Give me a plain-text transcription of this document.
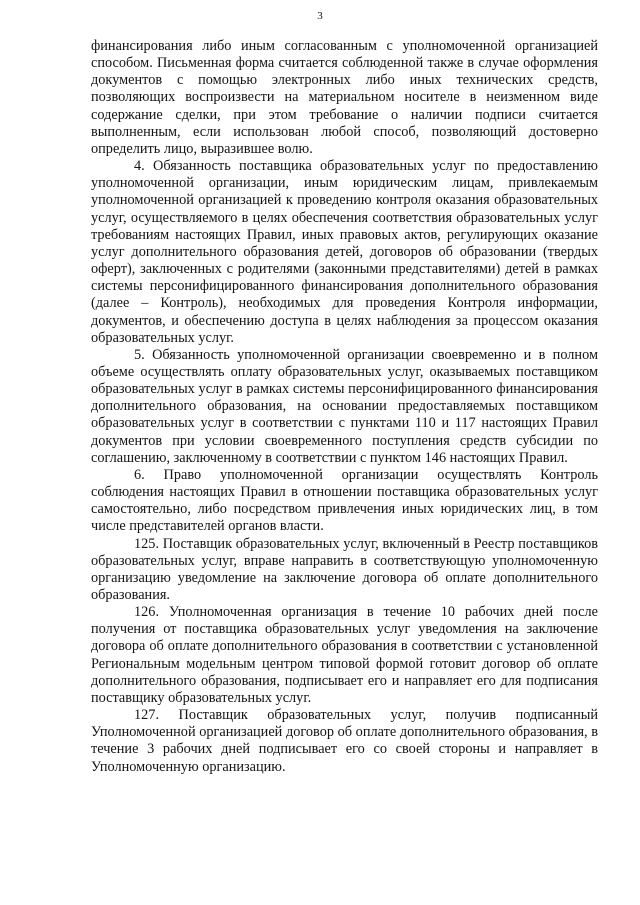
3

финансирования либо иным согласованным с уполномоченной организацией способом. Письменная форма считается соблюденной также в случае оформления документов с помощью электронных либо иных технических средств, позволяющих воспроизвести на материальном носителе в неизменном виде содержание сделки, при этом требование о наличии подписи считается выполненным, если использован любой способ, позволяющий достоверно определить лицо, выразившее волю.

4. Обязанность поставщика образовательных услуг по предоставлению уполномоченной организации, иным юридическим лицам, привлекаемым уполномоченной организацией к проведению контроля оказания образовательных услуг, осуществляемого в целях обеспечения соответствия образовательных услуг требованиям настоящих Правил, иных правовых актов, регулирующих оказание услуг дополнительного образования детей, договоров об образовании (твердых оферт), заключенных с родителями (законными представителями) детей в рамках системы персонифицированного финансирования дополнительного образования (далее – Контроль), необходимых для проведения Контроля информации, документов, и обеспечению доступа в целях наблюдения за процессом оказания образовательных услуг.

5. Обязанность уполномоченной организации своевременно и в полном объеме осуществлять оплату образовательных услуг, оказываемых поставщиком образовательных услуг в рамках системы персонифицированного финансирования дополнительного образования, на основании предоставляемых поставщиком образовательных услуг в соответствии с пунктами 110 и 117 настоящих Правил документов при условии своевременного поступления средств субсидии по соглашению, заключенному в соответствии с пунктом 146 настоящих Правил.

6. Право уполномоченной организации осуществлять Контроль соблюдения настоящих Правил в отношении поставщика образовательных услуг самостоятельно, либо посредством привлечения иных юридических лиц, в том числе представителей органов власти.

125. Поставщик образовательных услуг, включенный в Реестр поставщиков образовательных услуг, вправе направить в соответствующую уполномоченную организацию уведомление на заключение договора об оплате дополнительного образования.

126. Уполномоченная организация в течение 10 рабочих дней после получения от поставщика образовательных услуг уведомления на заключение договора об оплате дополнительного образования в соответствии с установленной Региональным модельным центром типовой формой готовит договор об оплате дополнительного образования, подписывает его и направляет его для подписания поставщику образовательных услуг.

127. Поставщик образовательных услуг, получив подписанный Уполномоченной организацией договор об оплате дополнительного образования, в течение 3 рабочих дней подписывает его со своей стороны и направляет в Уполномоченную организацию.
